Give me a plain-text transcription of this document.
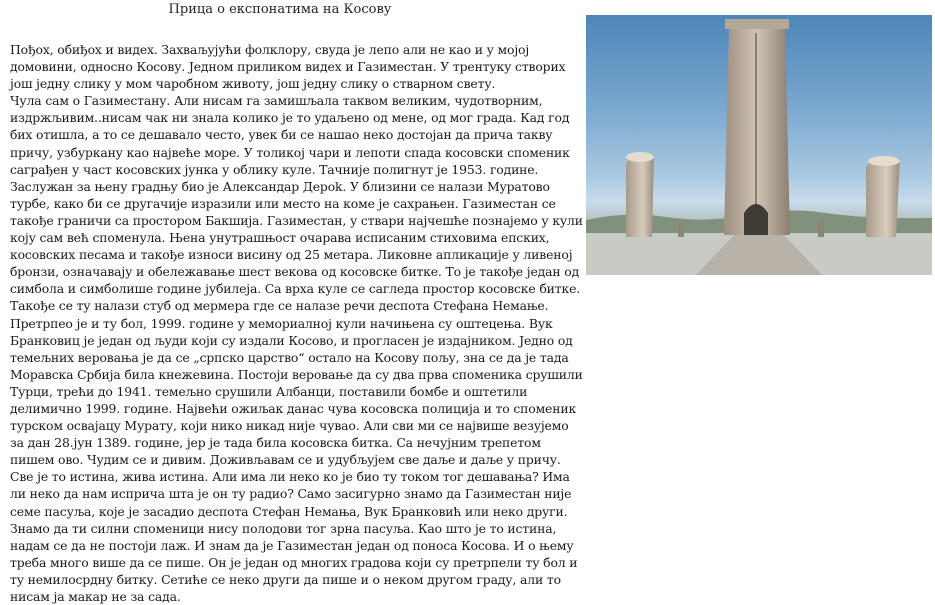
Прица о експонатима на Косову

Пођох, обиђох и видех. Захваљујући фолклору, свуда је лепо али не као и у мојој домовини, односно Косову. Једном приликом видех и Газиместан. У трентуку створих још једну слику у мом чаробном животу, још једну слику о стварном свету.

Чула сам о Газиместану. Али нисам га замишљала таквом великим, чудотворним, издржљивим..нисам чак ни знала колико је то удаљено од мене, од мог града. Кад год бих отишла, а то се дешавало често, увек би се нашао неко достојан да прича такву причу, узбуркану као највеће море. У толикој чари и лепоти спада косовски споменик саграђен у част косовских јунка у облику куле. Тачније полигнут је 1953. године. Заслужан за њену градњу био је Александар Дероk. У близини се налази Муратово турбе, како би се другачије изразили или место на коме је сахрањен. Газиместан се такође граничи са простором Бакшија. Газиместан, у ствари најчешће познајемо у кули коју сам већ споменула. Њена унутрашњост очарава исписаним стиховима епских, косовских песама и такође износи висину од 25 метара. Ликовне апликације у ливеној бронзи, означавају и обележавање шест векова од косовске битке. То је такође један од симбола и симболише године јубилеја. Са врха куле се сагледа простор косовске битке. Такође се ту налази стуб од мермера где се налазе речи деспота Стефана Немање. Претрпео је и ту бол, 1999. године у мемориалној кули начињена су оштецења. Вук Бранковиц је један од људи који су издали Косово, и проглаcен је издајником. Једно од темељних веровања је да се „српско царство“ остало на Косову пољу, зна се да је тада Моравска Србија била кнежевина. Постоји веровање да су два прва споменика срушили Турци, трећи до 1941. темељно срушили Албанци, поставили бомбе и оштетили делимично 1999. године. Највећи ожиљак данас чува косовска полиција и то споменик турском освајацу Мурату, који нико никад није чувао. Али сви ми се највише везујемо за дан 28.јун 1389. године, јер је тада била косовска битка. Са нечујним трепетом пишем ово. Чудим се и дивим. Доживљавам се и удубљујем све даље и даље у причу.

Све је то истина, жива истина. Али има ли неко ко је био ту током тог дешавања? Има ли неко да нам исприча шта је он ту радио? Само засигурно знамо да Газиместан није семе пасуља, које је засадио деспота Стефан Немања, Вук Бранковић или неко други. Знамо да ти силни споменици нису полодови тог зрна пасуља. Као што је то истина, надам се да не постоји лаж. И знам да је Газиместан један од поноса Косова. И о њему треба много више да се пише. Он је један од многих градова који су претрпели ту бол и ту немилосрдну битку. Сетиће се неко други да пише и о неком другом граду, али то нисам ја макар не за сада.
